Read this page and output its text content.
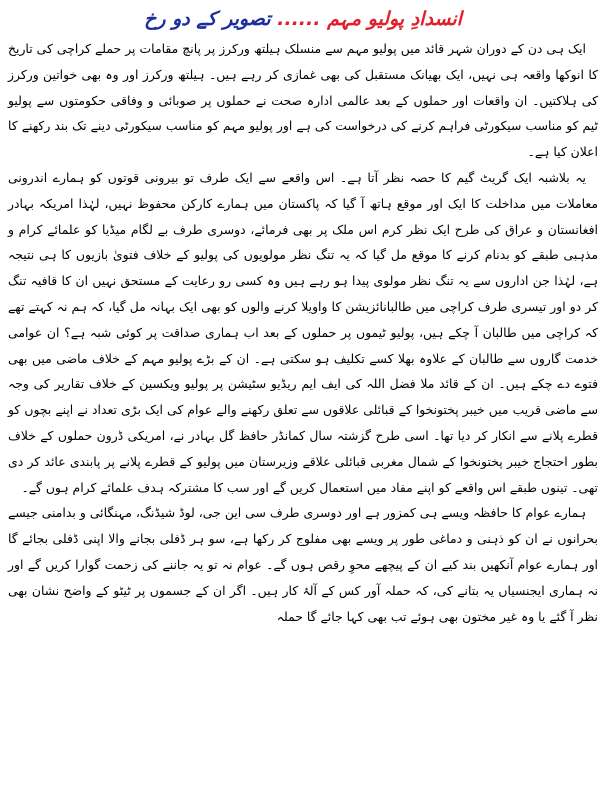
انسدادِ پولیو مہم ...... تصویر کے دو رخ

ایک ہی دن کے دوران شہر قائد میں پولیو مہم سے منسلک ہیلتھ ورکرز پر پانچ مقامات پر حملے کراچی کی تاریخ کا انوکھا واقعہ ہی نہیں، ایک بھیانک مستقبل کی بھی غمازی کر رہے ہیں۔ ہیلتھ ورکرز اور وہ بھی خواتین ورکرز کی ہلاکتیں۔ ان واقعات اور حملوں کے بعد عالمی ادارہ صحت نے حملوں پر صوبائی و وفاقی حکومتوں سے پولیو ٹیم کو مناسب سیکورٹی فراہم کرنے کی درخواست کی ہے اور پولیو مہم کو مناسب سیکورٹی دینے تک بند رکھنے کا اعلان کیا ہے۔

یہ بلاشبہ ایک گریٹ گیم کا حصہ نظر آتا ہے۔ اس واقعے سے ایک طرف تو بیرونی قوتوں کو ہمارے اندرونی معاملات میں مداخلت کا ایک اور موقع ہاتھ آ گیا کہ پاکستان میں ہمارے کارکن محفوظ نہیں، لہٰذا امریکہ بہادر افغانستان و عراق کی طرح ایک نظر کرم اس ملک پر بھی فرمائے، دوسری طرف بے لگام میڈیا کو علمائے کرام و مذہبی طبقے کو بدنام کرنے کا موقع مل گیا کہ یہ تنگ نظر مولویوں کی پولیو کے خلاف فتویٰ بازیوں کا ہی نتیجہ ہے، لہٰذا جن اداروں سے یہ تنگ نظر مولوی پیدا ہو رہے ہیں وہ کسی رو رعایت کے مستحق نہیں ان کا قافیہ تنگ کر دو اور تیسری طرف کراچی میں طالبانائزیشن کا واویلا کرنے والوں کو بھی ایک بہانہ مل گیا، کہ ہم نہ کہتے تھے کہ کراچی میں طالبان آ چکے ہیں، پولیو ٹیموں پر حملوں کے بعد اب ہماری صداقت پر کوئی شبہ ہے؟ ان عوامی خدمت گاروں سے طالبان کے علاوہ بھلا کسے تکلیف ہو سکتی ہے۔ ان کے بڑے پولیو مہم کے خلاف ماضی میں بھی فتوے دے چکے ہیں۔ ان کے قائد ملا فضل اللہ کی ایف ایم ریڈیو سٹیشن پر پولیو ویکسین کے خلاف تقاریر کی وجہ سے ماضی قریب میں خیبر پختونخوا کے قبائلی علاقوں سے تعلق رکھنے والے عوام کی ایک بڑی تعداد نے اپنے بچوں کو قطرے پلانے سے انکار کر دیا تھا۔ اسی طرح گزشتہ سال کمانڈر حافظ گل بہادر نے، امریکی ڈرون حملوں کے خلاف بطور احتجاج خیبر پختونخوا کے شمال مغربی قبائلی علاقے وزیرستان میں پولیو کے قطرے پلانے پر پابندی عائد کر دی تھی۔ تینوں طبقے اس واقعے کو اپنے مفاد میں استعمال کریں گے اور سب کا مشترکہ ہدف علمائے کرام ہوں گے۔

ہمارے عوام کا حافظہ ویسے ہی کمزور ہے اور دوسری طرف سی این جی، لوڈ شیڈنگ، مہنگائی و بدامنی جیسے بحرانوں نے ان کو ذہنی و دماغی طور پر ویسے بھی مفلوج کر رکھا ہے، سو ہر ڈفلی بجانے والا اپنی ڈفلی بجائے گا اور ہمارے عوام آنکھیں بند کیے ان کے پیچھے محوِ رقص ہوں گے۔ عوام نہ تو یہ جاننے کی زحمت گوارا کریں گے اور نہ ہماری ایجنسیاں یہ بتانے کی، کہ حملہ آور کس کے آلۂ کار ہیں۔ اگر ان کے جسموں پر ٹیٹو کے واضح نشان بھی نظر آ گئے یا وہ غیر مختون بھی ہوئے تب بھی کہا جائے گا حملہ
